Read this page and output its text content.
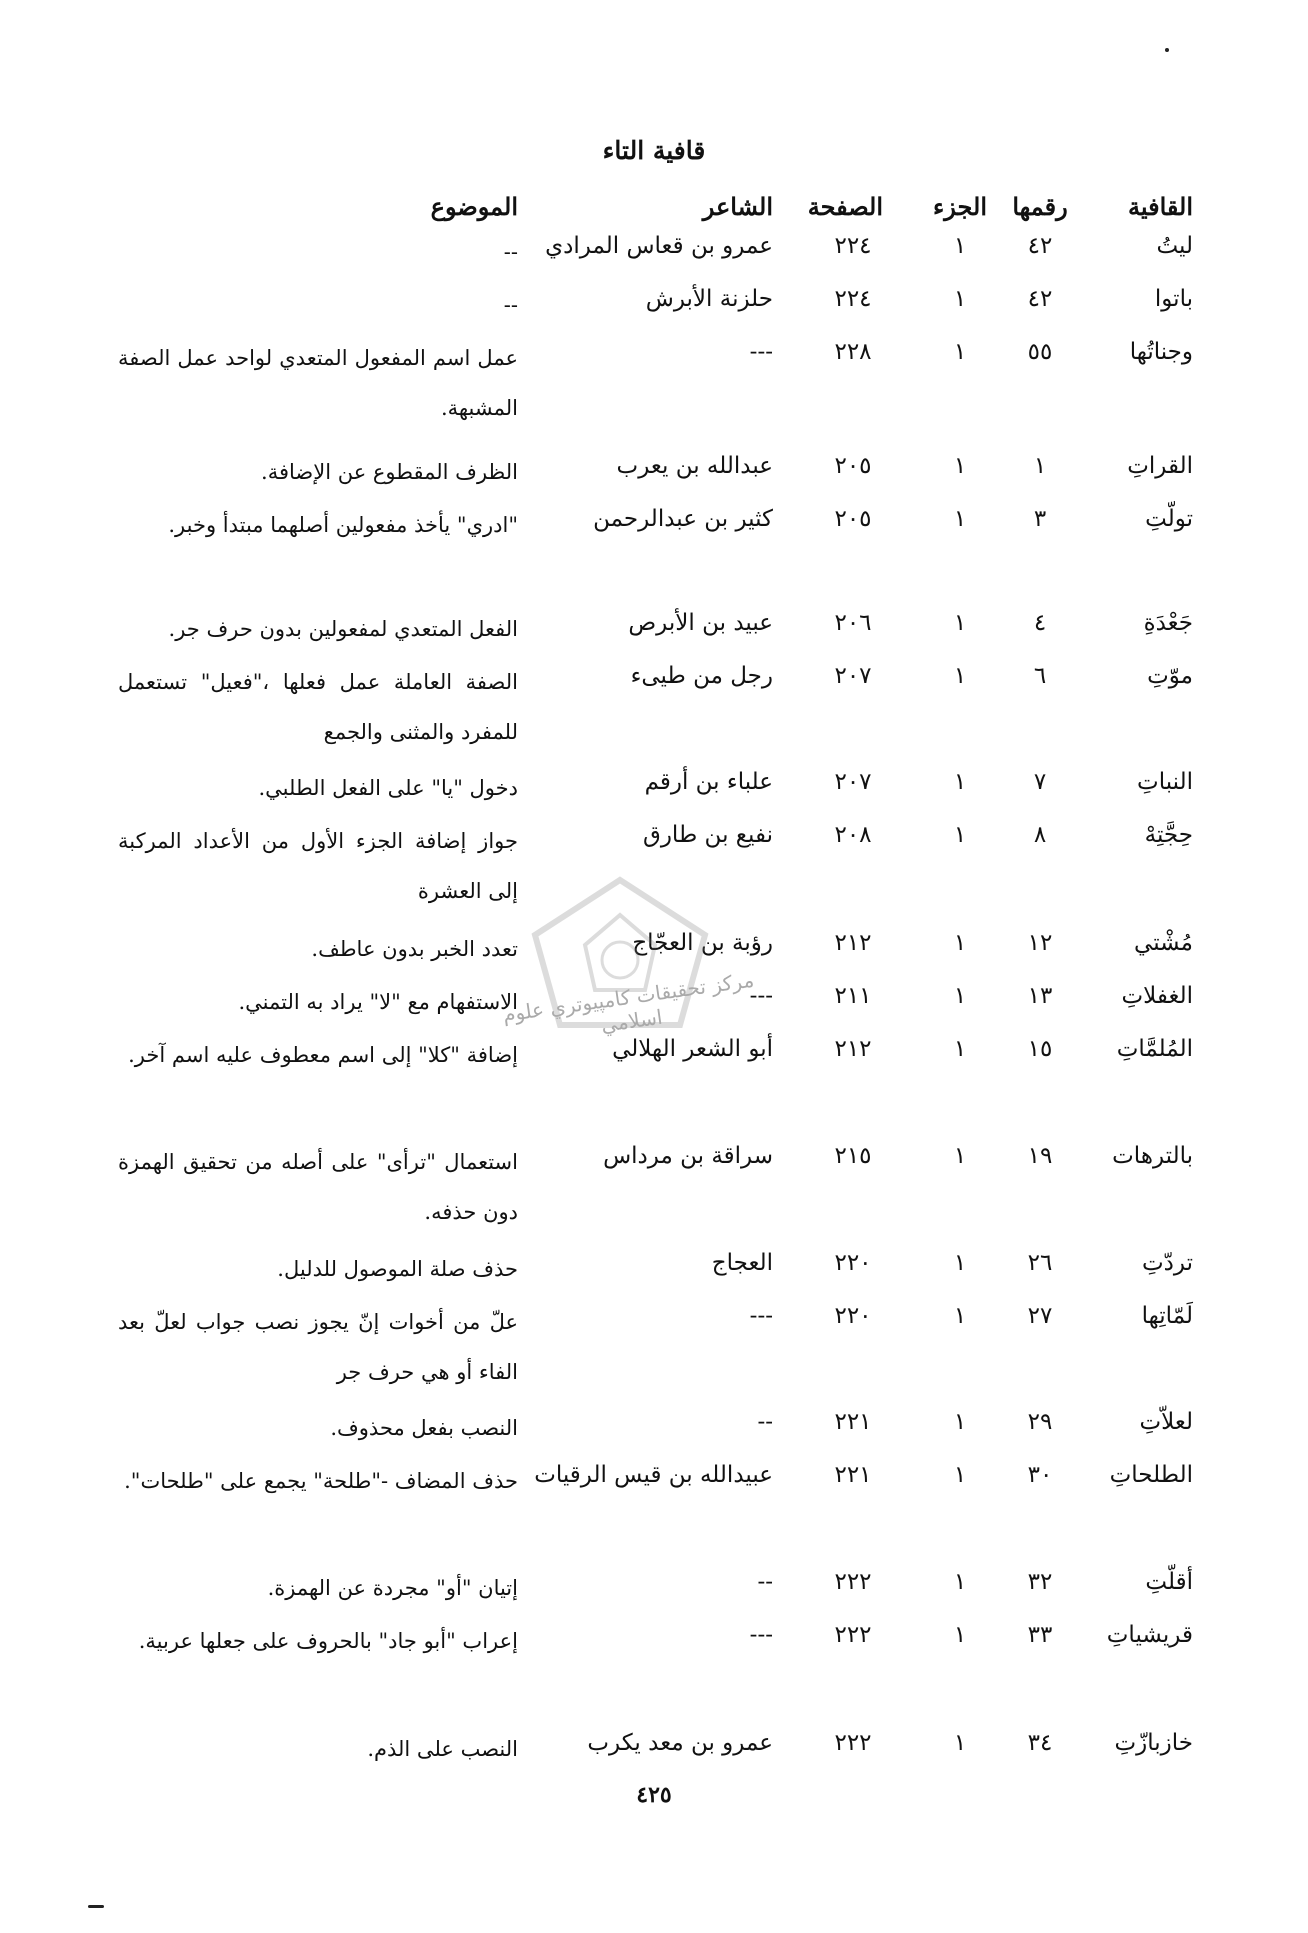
قافية التاء
القافية
رقمها
الجزء
الصفحة
الشاعر
الموضوع
ليتُ
٤٢
١
٢٢٤
عمرو بن قعاس المرادي
--
باتوا
٤٢
١
٢٢٤
حلزنة الأبرش
--
وجناتُها
٥٥
١
٢٢٨
---
عمل اسم المفعول المتعدي لواحد عمل الصفة المشبهة.
القراتِ
١
١
٢٠٥
عبدالله بن يعرب
الظرف المقطوع عن الإضافة.
تولّتِ
٣
١
٢٠٥
كثير بن عبدالرحمن
"ادري" يأخذ مفعولين أصلهما مبتدأ وخبر.
جَعْدَةِ
٤
١
٢٠٦
عبيد بن الأبرص
الفعل المتعدي لمفعولين بدون حرف جر.
موّتِ
٦
١
٢٠٧
رجل من طيىء
الصفة العاملة عمل فعلها ،"فعيل" تستعمل للمفرد والمثنى والجمع
النباتِ
٧
١
٢٠٧
علباء بن أرقم
دخول "يا" على الفعل الطلبي.
حِجَّتِهْ
٨
١
٢٠٨
نفيع بن طارق
جواز إضافة الجزء الأول من الأعداد المركبة إلى العشرة
مُشْتي
١٢
١
٢١٢
رؤبة بن العجّاج
تعدد الخبر بدون عاطف.
الغفلاتِ
١٣
١
٢١١
---
الاستفهام مع "لا" يراد به التمني.
المُلمَّاتِ
١٥
١
٢١٢
أبو الشعر الهلالي
إضافة "كلا" إلى اسم معطوف عليه اسم آخر.
بالترهات
١٩
١
٢١٥
سراقة بن مرداس
استعمال "ترأى" على أصله من تحقيق الهمزة دون حذفه.
تردّتِ
٢٦
١
٢٢٠
العجاج
حذف صلة الموصول للدليل.
لَمّاتِها
٢٧
١
٢٢٠
---
علّ من أخوات إنّ يجوز نصب جواب لعلّ بعد الفاء أو هي حرف جر
لعلاّتِ
٢٩
١
٢٢١
--
النصب بفعل محذوف.
الطلحاتِ
٣٠
١
٢٢١
عبيدالله بن قيس الرقيات
حذف المضاف -"طلحة" يجمع على "طلحات".
أقلّتِ
٣٢
١
٢٢٢
--
إتيان "أو" مجردة عن الهمزة.
قريشياتِ
٣٣
١
٢٢٢
---
إعراب "أبو جاد" بالحروف على جعلها عربية.
خازبازّتِ
٣٤
١
٢٢٢
عمرو بن معد يكرب
النصب على الذم.
مركز تحقيقات كامپيوتري علوم اسلامي
٤٢٥
